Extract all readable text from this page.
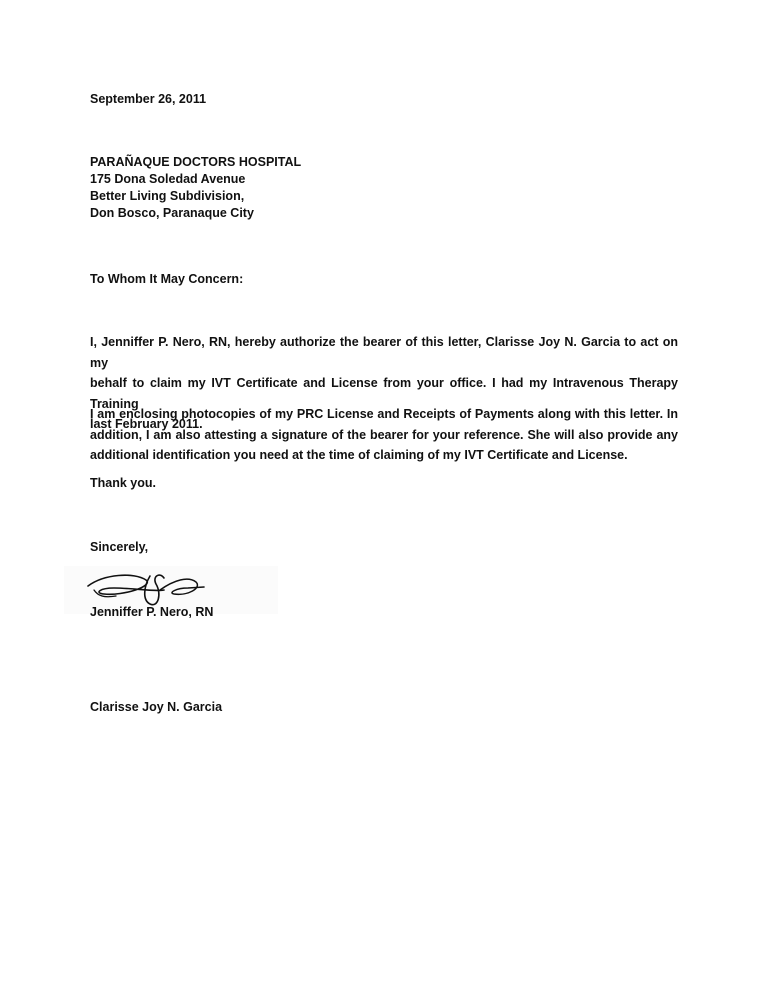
September 26, 2011
PARAÑAQUE DOCTORS HOSPITAL
175 Dona Soledad Avenue
Better Living Subdivision,
Don Bosco, Paranaque City
To Whom It May Concern:
I, Jenniffer P. Nero, RN, hereby authorize the bearer of this letter, Clarisse Joy N. Garcia to act on my
behalf to claim my IVT Certificate and License from your office. I had my Intravenous Therapy Training
last February 2011.
I am enclosing photocopies of my PRC License and Receipts of Payments along with this letter. In
addition, I am also attesting a signature of the bearer for your reference. She will also provide any
additional identification you need at the time of claiming of my IVT Certificate and License.
Thank you.
Sincerely,
Jenniffer P. Nero, RN
Clarisse Joy N. Garcia
